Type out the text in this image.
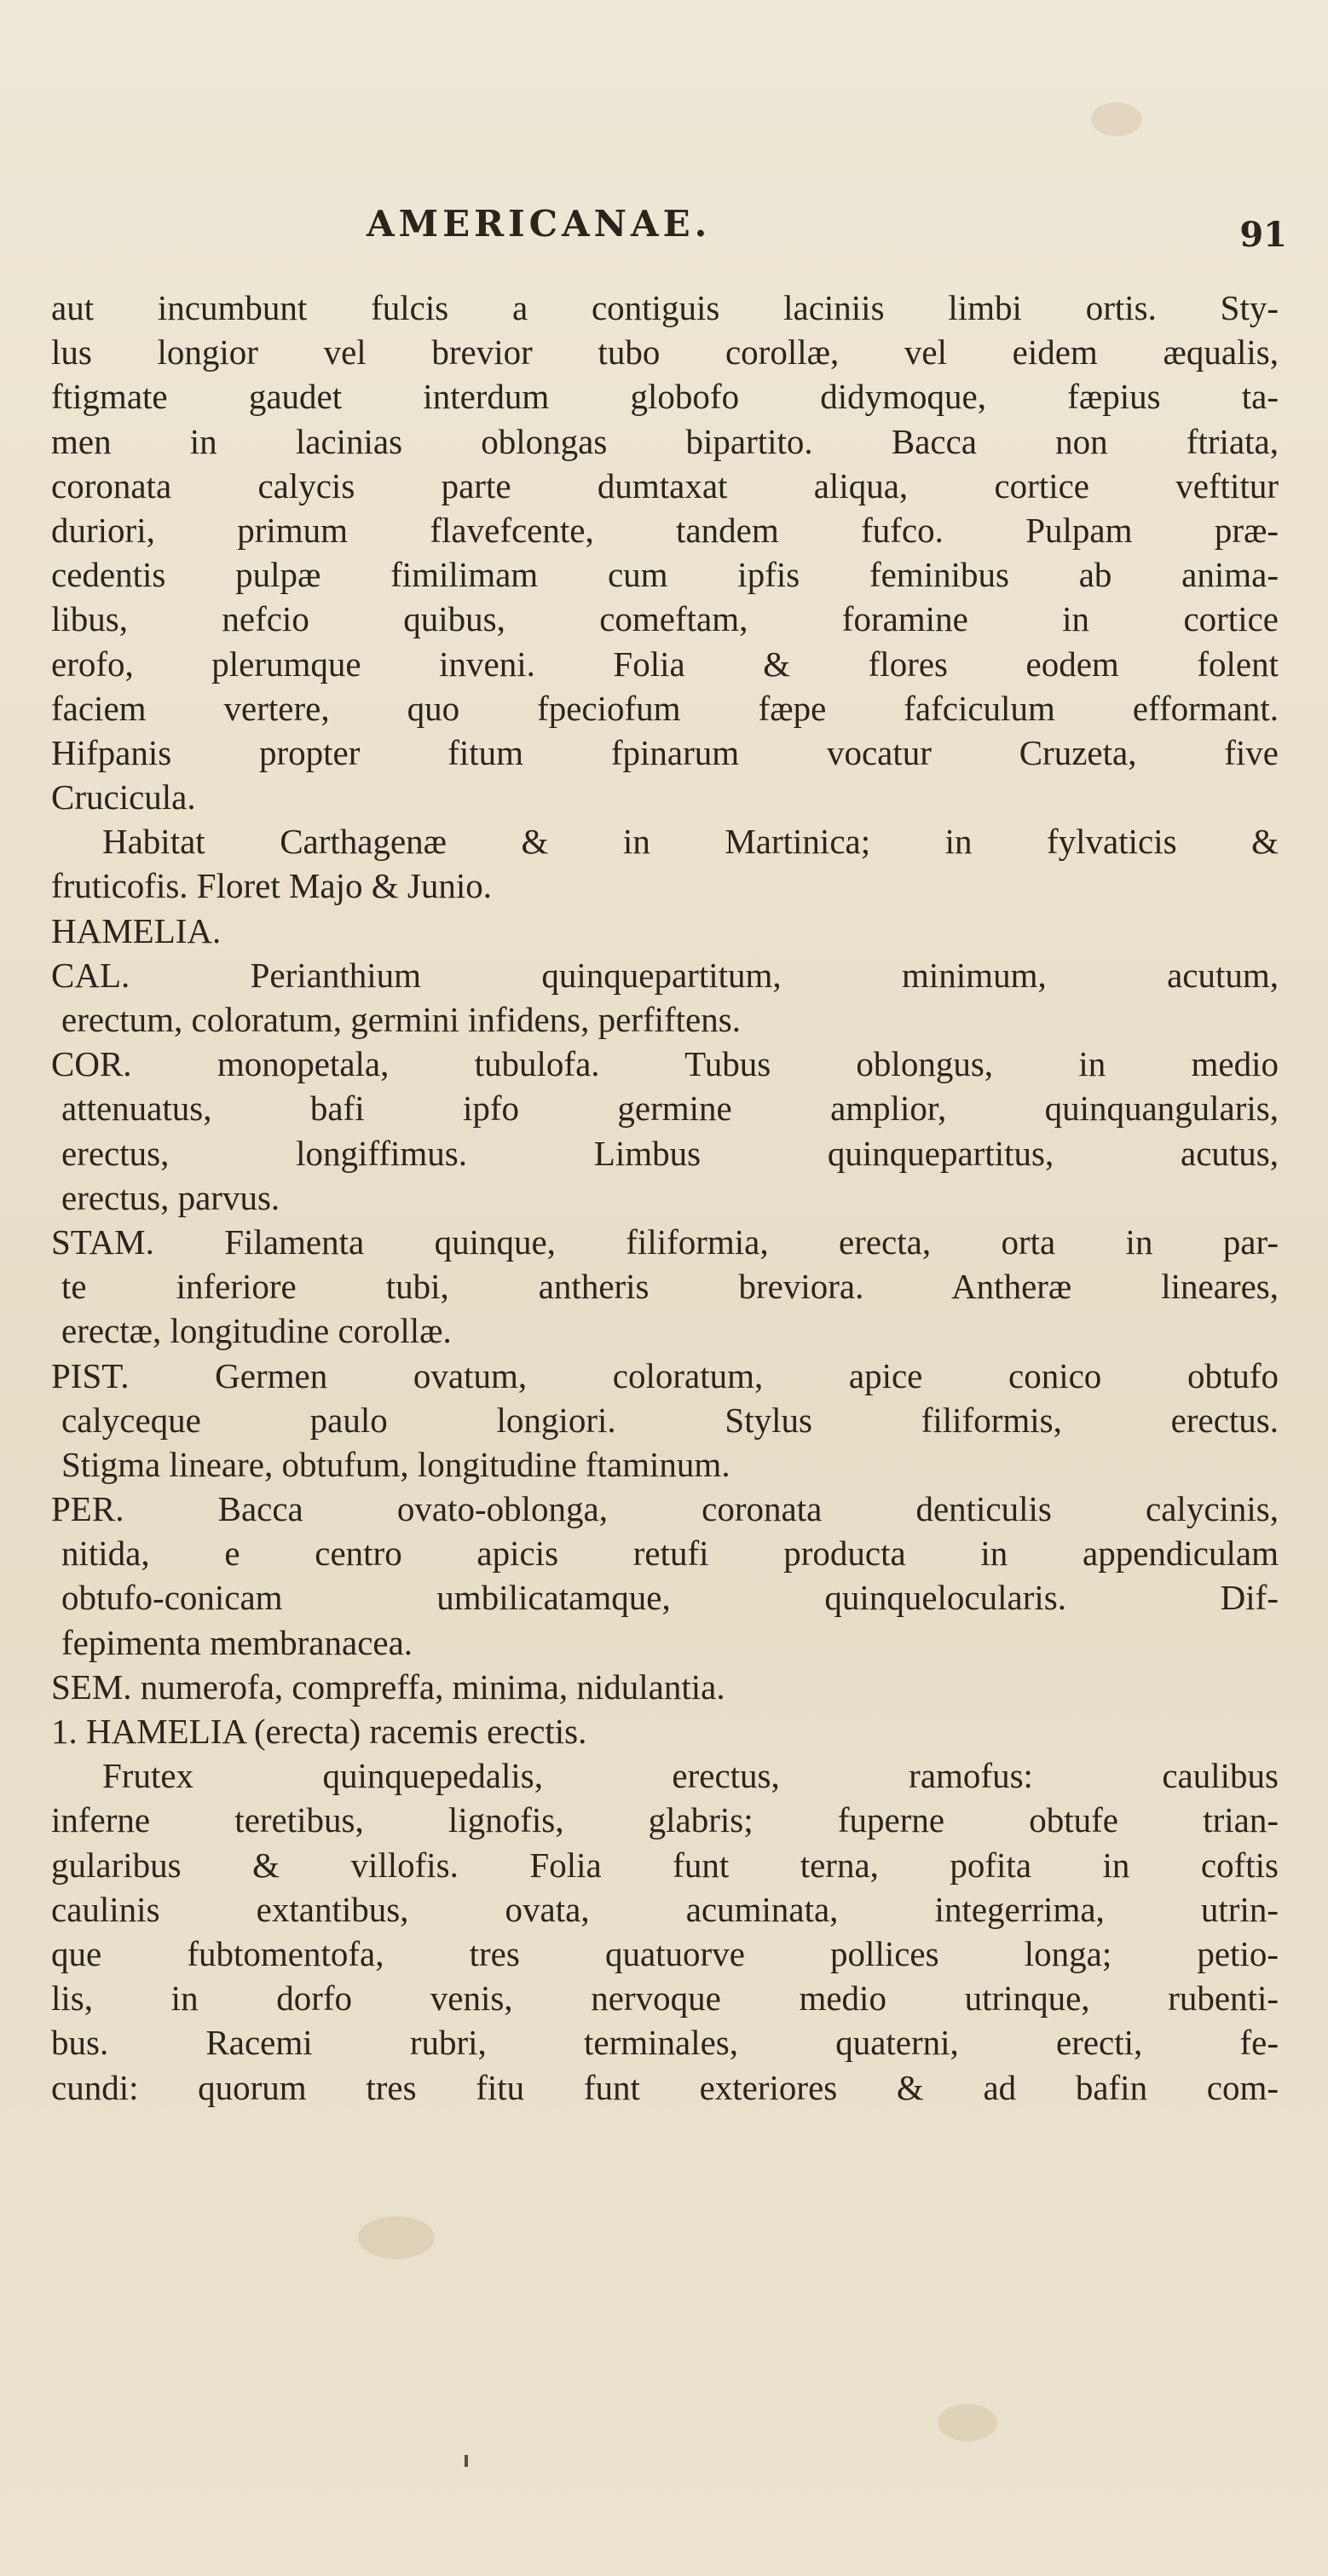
AMERICANAE.	91
aut incumbunt fulcis a contiguis laciniis limbi ortis. Sty-
lus longior vel brevior tubo corollæ, vel eidem æqualis,
ftigmate gaudet interdum globofo didymoque, fæpius ta-
men in lacinias oblongas bipartito. Bacca non ftriata,
coronata calycis parte dumtaxat aliqua, cortice veftitur
duriori, primum flavefcente, tandem fufco. Pulpam præ-
cedentis pulpæ fimilimam cum ipfis feminibus ab anima-
libus, nefcio quibus, comeftam, foramine in cortice
erofo, plerumque inveni. Folia & flores eodem folent
faciem vertere, quo fpeciofum fæpe fafciculum efformant.
Hifpanis propter fitum fpinarum vocatur Cruzeta, five
Crucicula.
Habitat Carthagenæ & in Martinica; in fylvaticis &
fruticofis. Floret Majo & Junio.
HAMELIA.
CAL. Perianthium quinquepartitum, minimum, acutum,
erectum, coloratum, germini infidens, perfiftens.
COR. monopetala, tubulofa. Tubus oblongus, in medio
attenuatus, bafi ipfo germine amplior, quinquangularis,
erectus, longiffimus. Limbus quinquepartitus, acutus,
erectus, parvus.
STAM. Filamenta quinque, filiformia, erecta, orta in par-
te inferiore tubi, antheris breviora. Antheræ lineares,
erectæ, longitudine corollæ.
PIST. Germen ovatum, coloratum, apice conico obtufo
calyceque paulo longiori. Stylus filiformis, erectus.
Stigma lineare, obtufum, longitudine ftaminum.
PER. Bacca ovato-oblonga, coronata denticulis calycinis,
nitida, e centro apicis retufi producta in appendiculam
obtufo-conicam umbilicatamque, quinquelocularis. Dif-
fepimenta membranacea.
SEM. numerofa, compreffa, minima, nidulantia.
1. HAMELIA (erecta) racemis erectis.
Frutex quinquepedalis, erectus, ramofus: caulibus
inferne teretibus, lignofis, glabris; fuperne obtufe trian-
gularibus & villofis. Folia funt terna, pofita in coftis
caulinis extantibus, ovata, acuminata, integerrima, utrin-
que fubtomentofa, tres quatuorve pollices longa; petio-
lis, in dorfo venis, nervoque medio utrinque, rubenti-
bus. Racemi rubri, terminales, quaterni, erecti, fe-
cundi: quorum tres fitu funt exteriores & ad bafin com-
